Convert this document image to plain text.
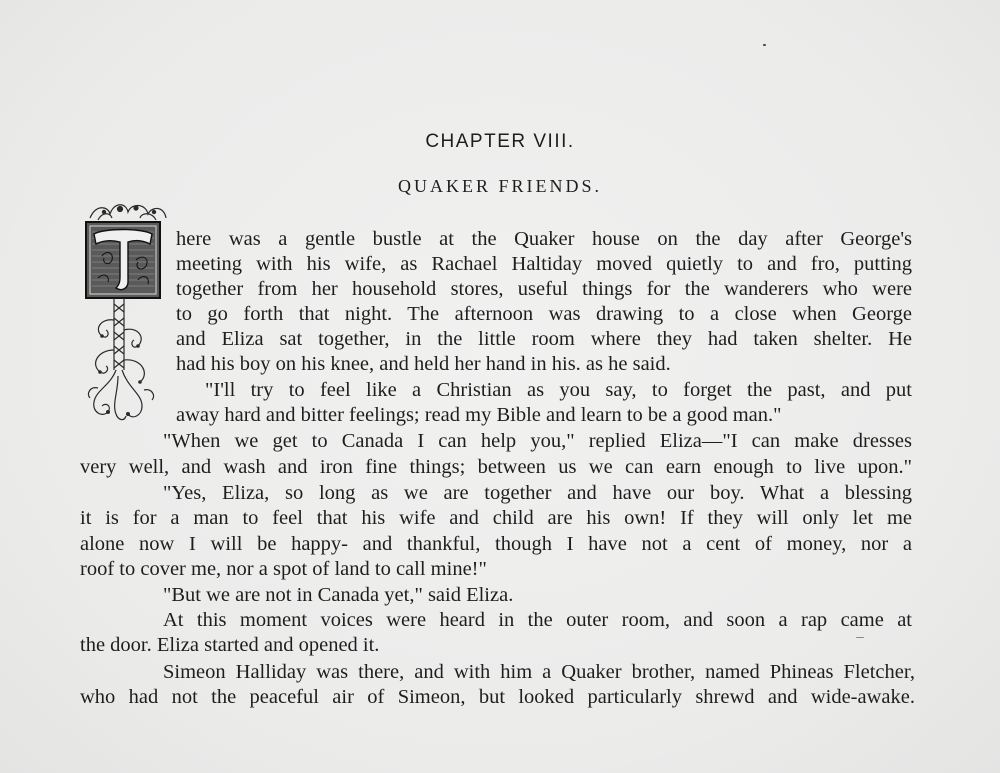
CHAPTER VIII.
QUAKER FRIENDS.

here was a gentle bustle at the Quaker house on the day after George's

meeting with his wife, as Rachael Haltiday moved quietly to and fro, putting

together from her household stores, useful things for the wanderers who were

to go forth that night. The afternoon was drawing to a close when George

and Eliza sat together, in the little room where they had taken shelter. He

had his boy on his knee, and held her hand in his. as he said.

"I'll try to feel like a Christian as you say, to forget the past, and put

away hard and bitter feelings; read my Bible and learn to be a good man."

"When we get to Canada I can help you," replied Eliza—"I can make dresses

very well, and wash and iron fine things; between us we can earn enough to live upon."

"Yes, Eliza, so long as we are together and have our boy. What a blessing

it is for a man to feel that his wife and child are his own! If they will only let me

alone now I will be happy- and thankful, though I have not a cent of money, nor a

roof to cover me, nor a spot of land to call mine!"

"But we are not in Canada yet," said Eliza.

At this moment voices were heard in the outer room, and soon a rap came at

the door. Eliza started and opened it.

Simeon Halliday was there, and with him a Quaker brother, named Phineas Fletcher,

who had not the peaceful air of Simeon, but looked particularly shrewd and wide-awake.
